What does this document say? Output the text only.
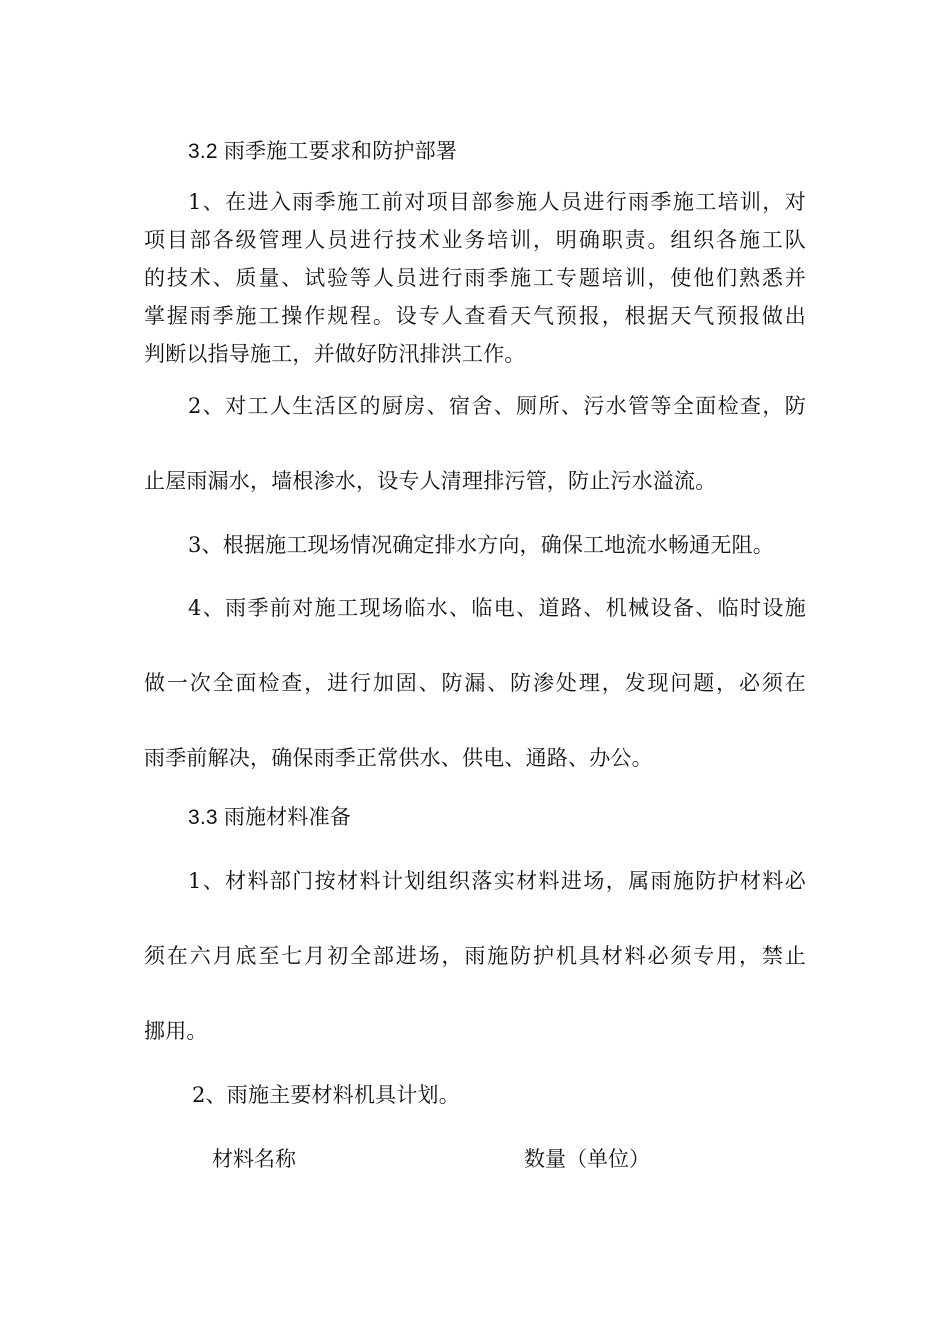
3.2 雨季施工要求和防护部署
1、在进入雨季施工前对项目部参施人员进行雨季施工培训，对
项目部各级管理人员进行技术业务培训，明确职责。组织各施工队
的技术、质量、试验等人员进行雨季施工专题培训，使他们熟悉并
掌握雨季施工操作规程。设专人查看天气预报，根据天气预报做出
判断以指导施工，并做好防汛排洪工作。
2、对工人生活区的厨房、宿舍、厕所、污水管等全面检查，防
止屋雨漏水，墙根渗水，设专人清理排污管，防止污水溢流。
3、根据施工现场情况确定排水方向，确保工地流水畅通无阻。
4、雨季前对施工现场临水、临电、道路、机械设备、临时设施
做一次全面检查，进行加固、防漏、防渗处理，发现问题，必须在
雨季前解决，确保雨季正常供水、供电、通路、办公。
3.3 雨施材料准备
1、材料部门按材料计划组织落实材料进场，属雨施防护材料必
须在六月底至七月初全部进场，雨施防护机具材料必须专用，禁止
挪用。
2、雨施主要材料机具计划。
材料名称	数量（单位）
